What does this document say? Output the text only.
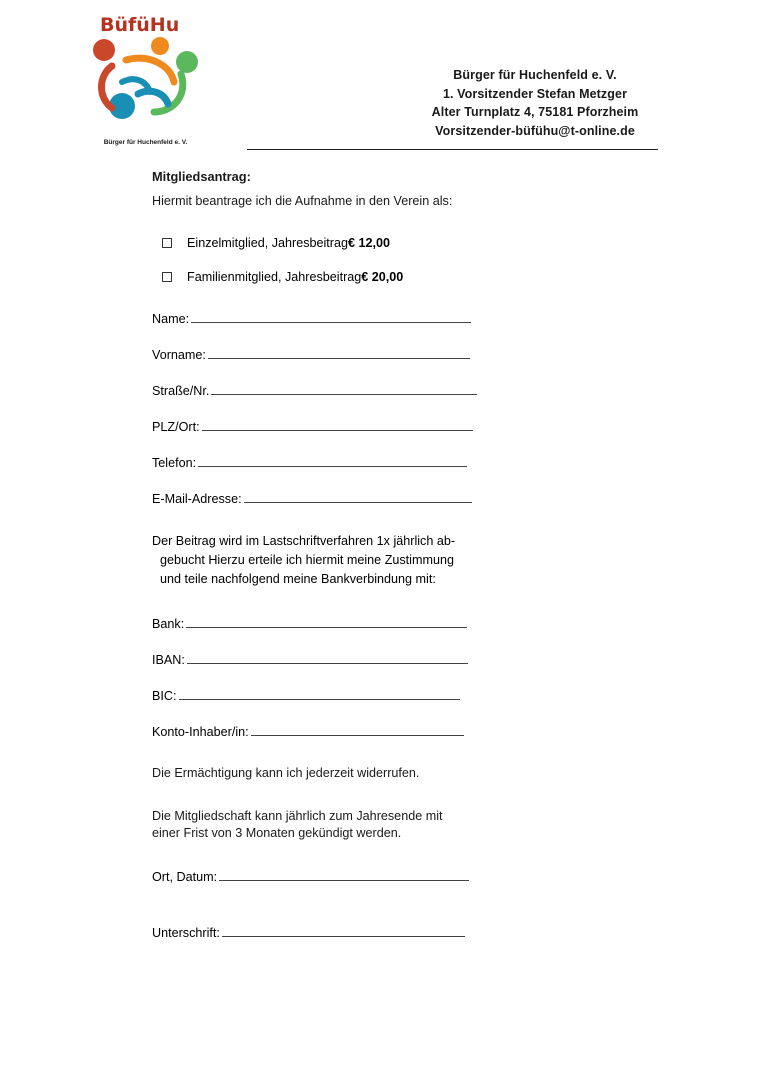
BüfüHu
Bürger für Huchenfeld e. V.
Bürger für Huchenfeld e. V.
1. Vorsitzender Stefan Metzger
Alter Turnplatz 4, 75181 Pforzheim
Vorsitzender-büfühu@t-online.de
Mitgliedsantrag:
Hiermit beantrage ich die Aufnahme in den Verein als:
Einzelmitglied, Jahresbeitrag € 12,00
Familienmitglied, Jahresbeitrag € 20,00
Name:
Vorname:
Straße/Nr.
PLZ/Ort:
Telefon:
E-Mail-Adresse:
Der Beitrag wird im Lastschriftverfahren 1x jährlich ab-
gebucht Hierzu erteile ich hiermit meine Zustimmung
und teile nachfolgend meine Bankverbindung mit:
Bank:
IBAN:
BIC:
Konto-Inhaber/in:
Die Ermächtigung kann ich jederzeit widerrufen.
Die Mitgliedschaft kann jährlich zum Jahresende mit
einer Frist von 3 Monaten gekündigt werden.
Ort, Datum:
Unterschrift:
